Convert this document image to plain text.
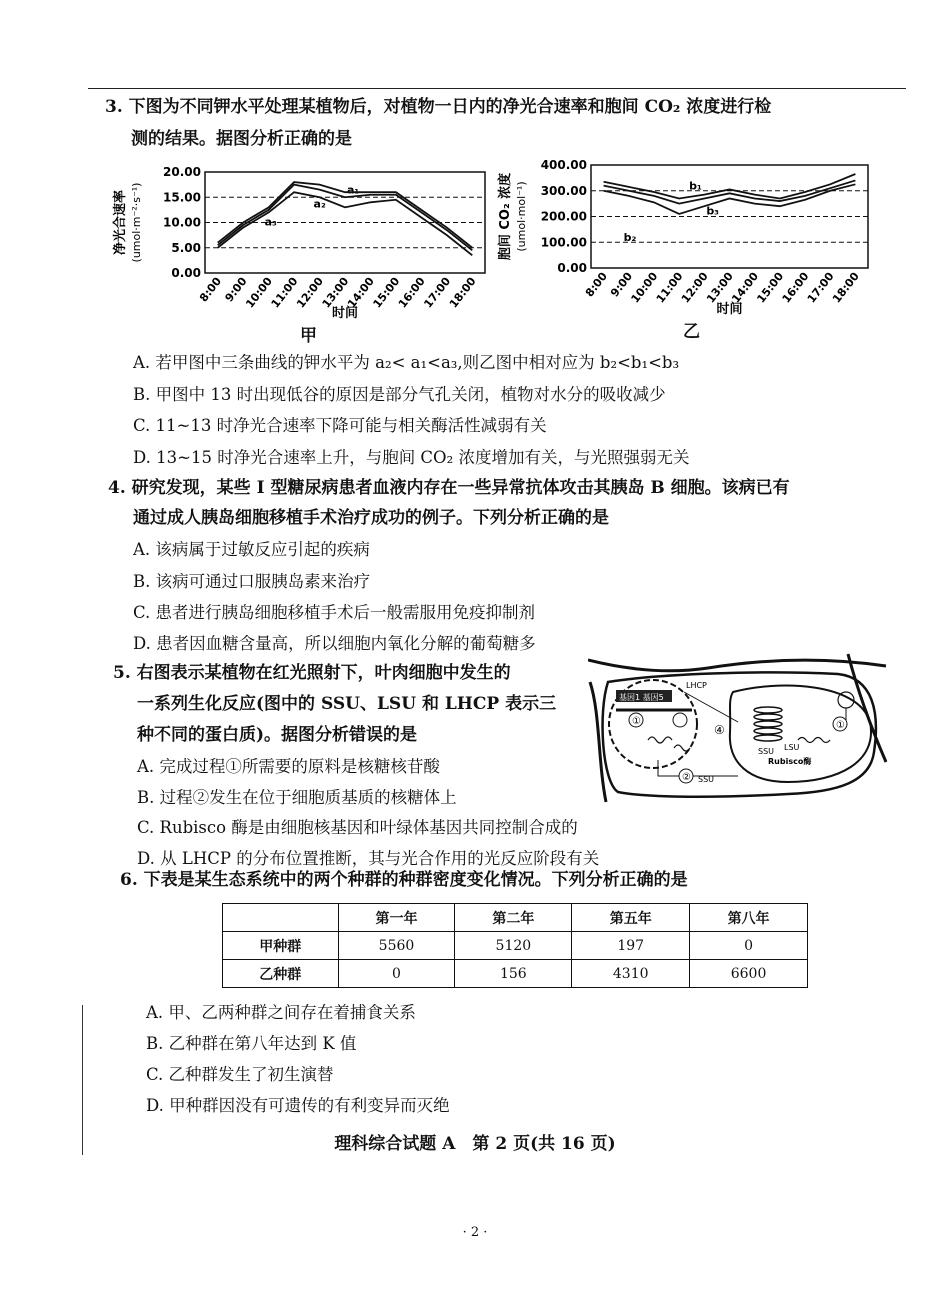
3. 下图为不同钾水平处理某植物后，对植物一日内的净光合速率和胞间 CO₂ 浓度进行检
测的结果。据图分析正确的是
0.00
5.00
10.00
15.00
20.00
8:00
9:00
10:00
11:00
12:00
13:00
14:00
15:00
16:00
17:00
18:00
时间
净光合速率 (umol·m⁻²·s⁻¹)	a₁
a₂
a₃
0.00
100.00
200.00
300.00
400.00
8:00
9:00
10:00
11:00
12:00
13:00
14:00
15:00
16:00
17:00
18:00
时间
胞间 CO₂ 浓度 (umol·mol⁻¹)	b₁
b₂
b₃
甲	乙
A. 若甲图中三条曲线的钾水平为 a₂< a₁<a₃,则乙图中相对应为 b₂<b₁<b₃
B. 甲图中 13 时出现低谷的原因是部分气孔关闭，植物对水分的吸收减少
C. 11~13 时净光合速率下降可能与相关酶活性减弱有关
D. 13~15 时净光合速率上升，与胞间 CO₂ 浓度增加有关，与光照强弱无关
4. 研究发现，某些 I 型糖尿病患者血液内存在一些异常抗体攻击其胰岛 B 细胞。该病已有
通过成人胰岛细胞移植手术治疗成功的例子。下列分析正确的是
A. 该病属于过敏反应引起的疾病
B. 该病可通过口服胰岛素来治疗
C. 患者进行胰岛细胞移植手术后一般需服用免疫抑制剂
D. 患者因血糖含量高，所以细胞内氧化分解的葡萄糖多
5. 右图表示某植物在红光照射下，叶肉细胞中发生的
一系列生化反应(图中的 SSU、LSU 和 LHCP 表示三
种不同的蛋白质)。据图分析错误的是
A. 完成过程①所需要的原料是核糖核苷酸
B. 过程②发生在位于细胞质基质的核糖体上
C. Rubisco 酶是由细胞核基因和叶绿体基因共同控制合成的
D. 从 LHCP 的分布位置推断，其与光合作用的光反应阶段有关
基因1 基因5
①
LHCP
④	①
SSU LSU
Rubisco酶
② SSU
6. 下表是某生态系统中的两个种群的种群密度变化情况。下列分析正确的是
	第一年	第二年	第五年	第八年
甲种群	5560	5120	197	0
乙种群	0	156	4310	6600
A. 甲、乙两种群之间存在着捕食关系
B. 乙种群在第八年达到 K 值
C. 乙种群发生了初生演替
D. 甲种群因没有可遗传的有利变异而灭绝
理科综合试题 A　第 2 页(共 16 页)
· 2 ·
